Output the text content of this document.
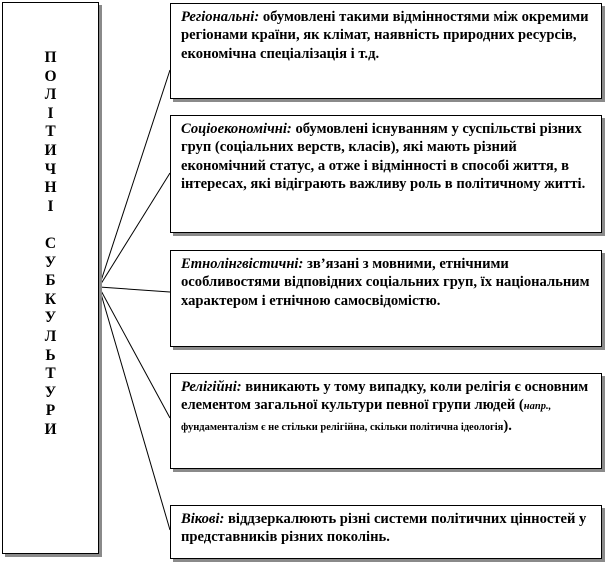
П
О
Л
І
Т
И
Ч
Н
І
С
У
Б
К
У
Л
Ь
Т
У
Р
И
Регіональні: обумовлені такими відмінностями між окремими регіонами країни, як клімат, наявність природних ресурсів, економічна спеціалізація і т.д.
Соціоекономічні: обумовлені існуванням у суспільстві різних груп (соціальних верств, класів), які мають різний економічний статус, а отже і відмінності в способі життя, в інтересах, які відіграють важливу роль в політичному житті.
Етнолінгвістичні: зв’язані з мовними, етнічними особливостями відповідних соціальних груп, їх національним характером і етнічною самосвідомістю.
Релігійні: виникають у тому випадку, коли релігія є основним елементом загальної культури певної групи людей (напр., фундаменталізм є не стільки релігійна, скільки політична ідеологія).
Вікові: віддзеркалюють різні системи політичних цінностей у представників різних поколінь.
